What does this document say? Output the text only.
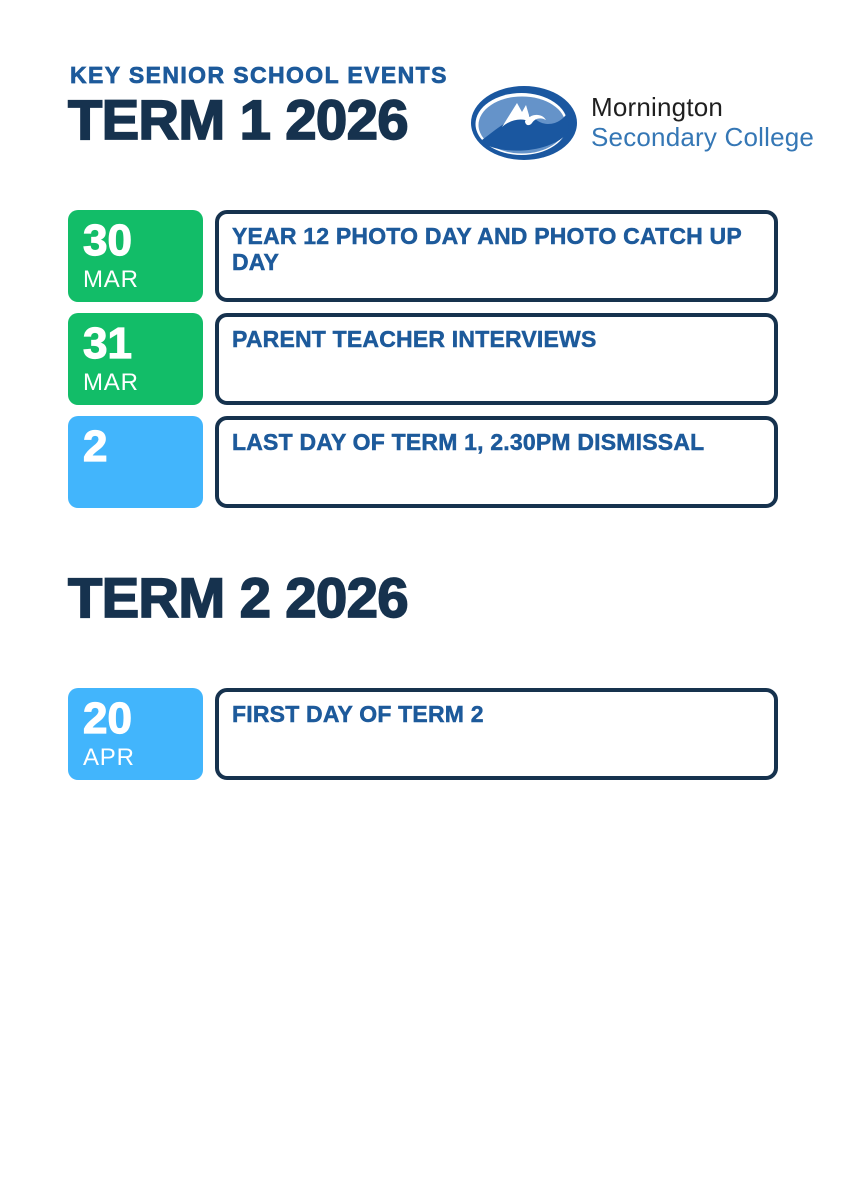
KEY SENIOR SCHOOL EVENTS
TERM 1 2026	Mornington
Secondary College
30
MAR

YEAR 12 PHOTO DAY AND PHOTO CATCH UP DAY

31
MAR

PARENT TEACHER INTERVIEWS

2	LAST DAY OF TERM 1, 2.30PM DISMISSAL

TERM 2 2026
20
APR

FIRST DAY OF TERM 2
